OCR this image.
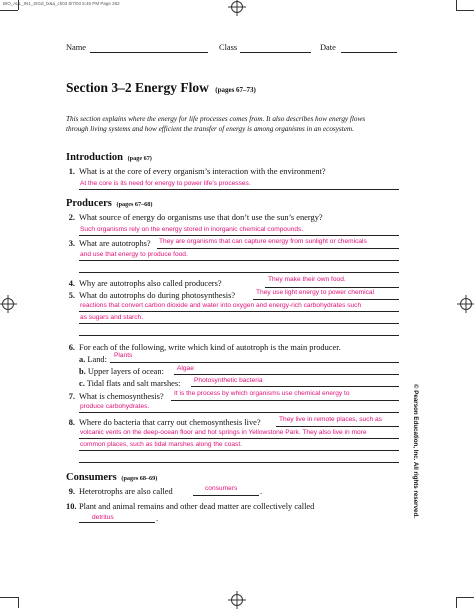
BIO_ALL_IN1_StGd_tx&a_ch03 8/7/03 5:45 PM Page 262
Name	Class	Date
Section 3–2 Energy Flow (pages 67–73)
This section explains where the energy for life processes comes from. It also describes how energy flows through living systems and how efficient the transfer of energy is among organisms in an ecosystem.
Introduction (page 67)
1. What is at the core of every organism’s interaction with the environment?
At the core is its need for energy to power life’s processes.
Producers (pages 67–68)
2. What source of energy do organisms use that don’t use the sun’s energy?
Such organisms rely on the energy stored in inorganic chemical compounds.
3. What are autotrophs? They are organisms that can capture energy from sunlight or chemicals
and use that energy to produce food.
4. Why are autotrophs also called producers?	They make their own food.
5. What do autotrophs do during photosynthesis?	They use light energy to power chemical
reactions that convert carbon dioxide and water into oxygen and energy-rich carbohydrates such
as sugars and starch.
6. For each of the following, write which kind of autotroph is the main producer.
a. Land: Plants
b. Upper layers of ocean: Algae
c. Tidal flats and salt marshes: Photosynthetic bacteria
7. What is chemosynthesis? It is the process by which organisms use chemical energy to
produce carbohydrates.
8. Where do bacteria that carry out chemosynthesis live?	They live in remote places, such as
volcanic vents on the deep-ocean floor and hot springs in Yellowstone Park. They also live in more
common places, such as tidal marshes along the coast.
Consumers (pages 68–69)
9. Heterotrophs are also called	consumers	.
10. Plant and animal remains and other dead matter are collectively called
detritus	.
© Pearson Education, Inc. All rights reserved.
